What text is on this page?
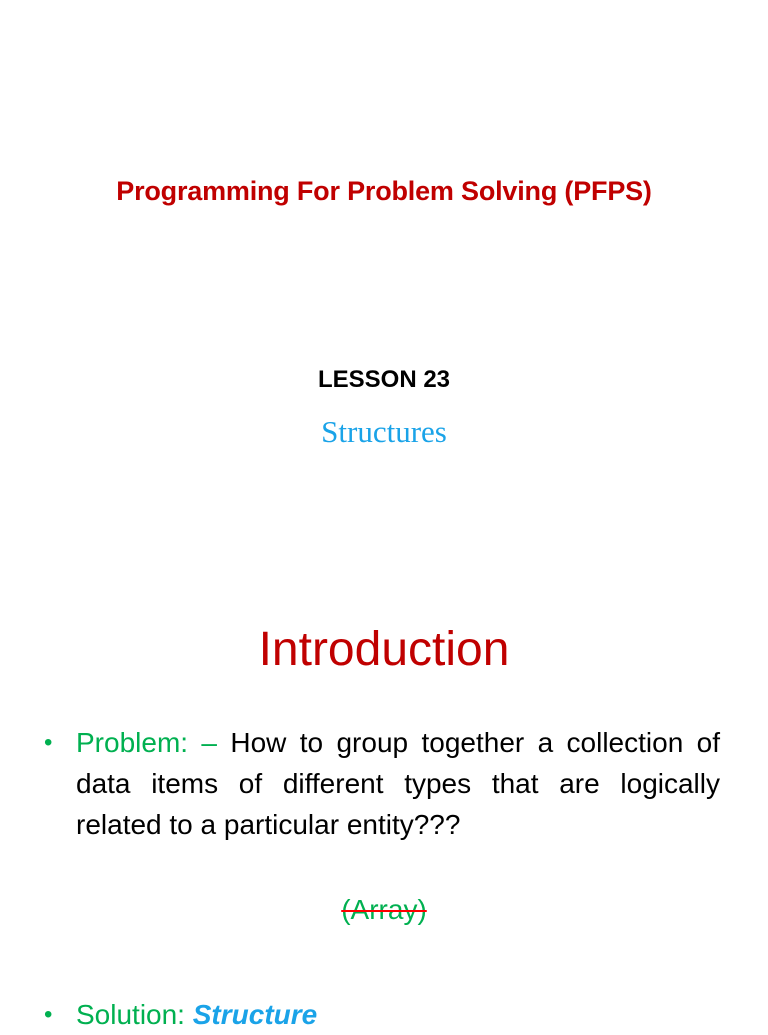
Programming For Problem Solving (PFPS)
LESSON 23
Structures
Introduction
• Problem: – How to group together a collection of data items of different types that are logically related to a particular entity???
(Array)
• Solution: Structure
